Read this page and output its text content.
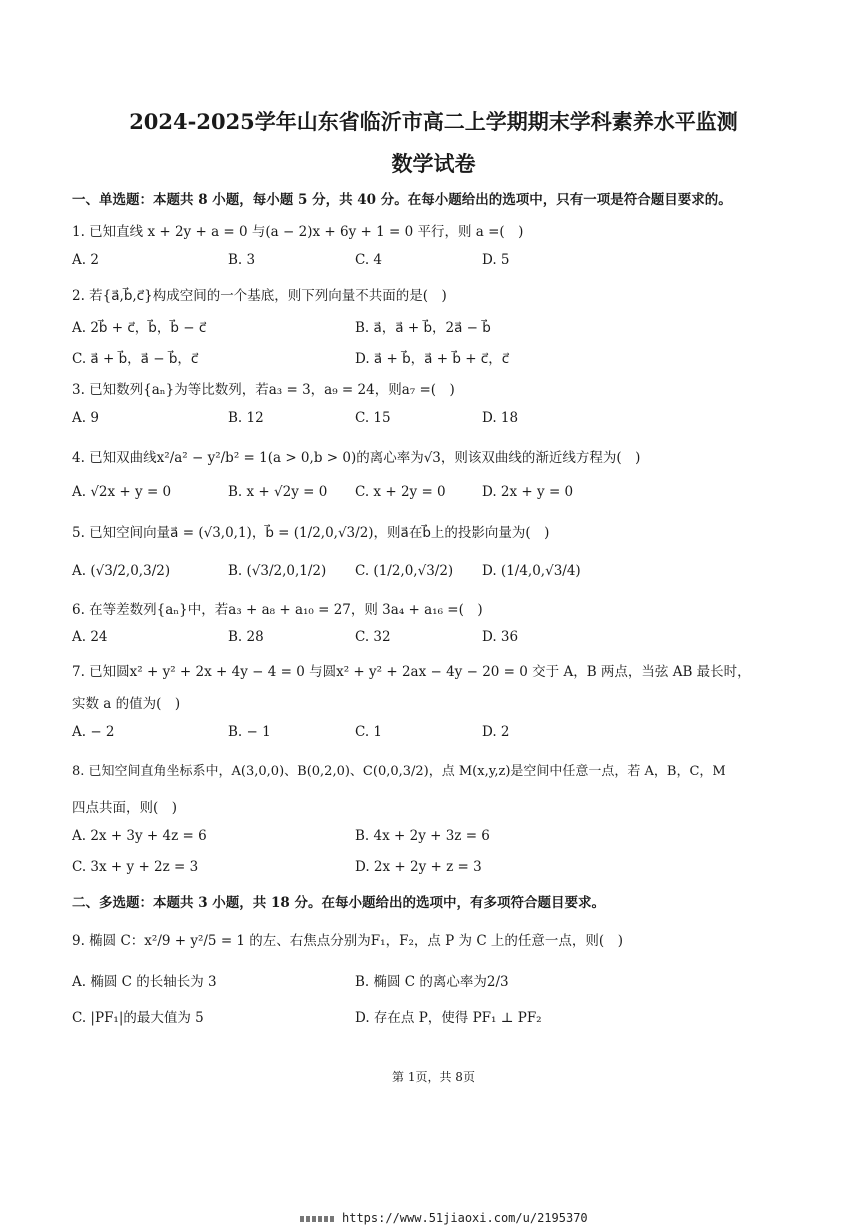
2024-2025学年山东省临沂市高二上学期期末学科素养水平监测
数学试卷
一、单选题：本题共 8 小题，每小题 5 分，共 40 分。在每小题给出的选项中，只有一项是符合题目要求的。
1. 已知直线 x + 2y + a = 0 与(a − 2)x + 6y + 1 = 0 平行，则 a =(　)
A. 2	B. 3	C. 4	D. 5
2. 若{a⃗,b⃗,c⃗}构成空间的一个基底，则下列向量不共面的是(　)
A. 2b⃗ + c⃗，b⃗，b⃗ − c⃗	B. a⃗，a⃗ + b⃗，2a⃗ − b⃗
C. a⃗ + b⃗，a⃗ − b⃗，c⃗	D. a⃗ + b⃗，a⃗ + b⃗ + c⃗，c⃗
3. 已知数列{aₙ}为等比数列，若a₃ = 3，a₉ = 24，则a₇ =(　)
A. 9	B. 12	C. 15	D. 18
4. 已知双曲线x²/a² − y²/b² = 1(a > 0,b > 0)的离心率为√3，则该双曲线的渐近线方程为(　)
A. √2x + y = 0	B. x + √2y = 0 C. x + 2y = 0	D. 2x + y = 0
5. 已知空间向量a⃗ = (√3,0,1)，b⃗ = (1/2,0,√3/2)，则a⃗在b⃗上的投影向量为(　)
A. (√3/2,0,3/2)	B. (√3/2,0,1/2) C. (1/2,0,√3/2) D. (1/4,0,√3/4)
6. 在等差数列{aₙ}中，若a₃ + a₈ + a₁₀ = 27，则 3a₄ + a₁₆ =(　)
A. 24	B. 28	C. 32	D. 36
7. 已知圆x² + y² + 2x + 4y − 4 = 0 与圆x² + y² + 2ax − 4y − 20 = 0 交于 A，B 两点，当弦 AB 最长时，
实数 a 的值为(　)
A. − 2	B. − 1	C. 1	D. 2
8. 已知空间直角坐标系中，A(3,0,0)、B(0,2,0)、C(0,0,3/2)，点 M(x,y,z)是空间中任意一点，若 A，B，C，M
四点共面，则(　)
A. 2x + 3y + 4z = 6	B. 4x + 2y + 3z = 6
C. 3x + y + 2z = 3	D. 2x + 2y + z = 3
二、多选题：本题共 3 小题，共 18 分。在每小题给出的选项中，有多项符合题目要求。
9. 椭圆 C：x²/9 + y²/5 = 1 的左、右焦点分别为F₁，F₂，点 P 为 C 上的任意一点，则(　)
A. 椭圆 C 的长轴长为 3	B. 椭圆 C 的离心率为2/3
C. |PF₁|的最大值为 5	D. 存在点 P，使得 PF₁ ⊥ PF₂
第 1页，共 8页
https://www.51jiaoxi.com/u/2195370
